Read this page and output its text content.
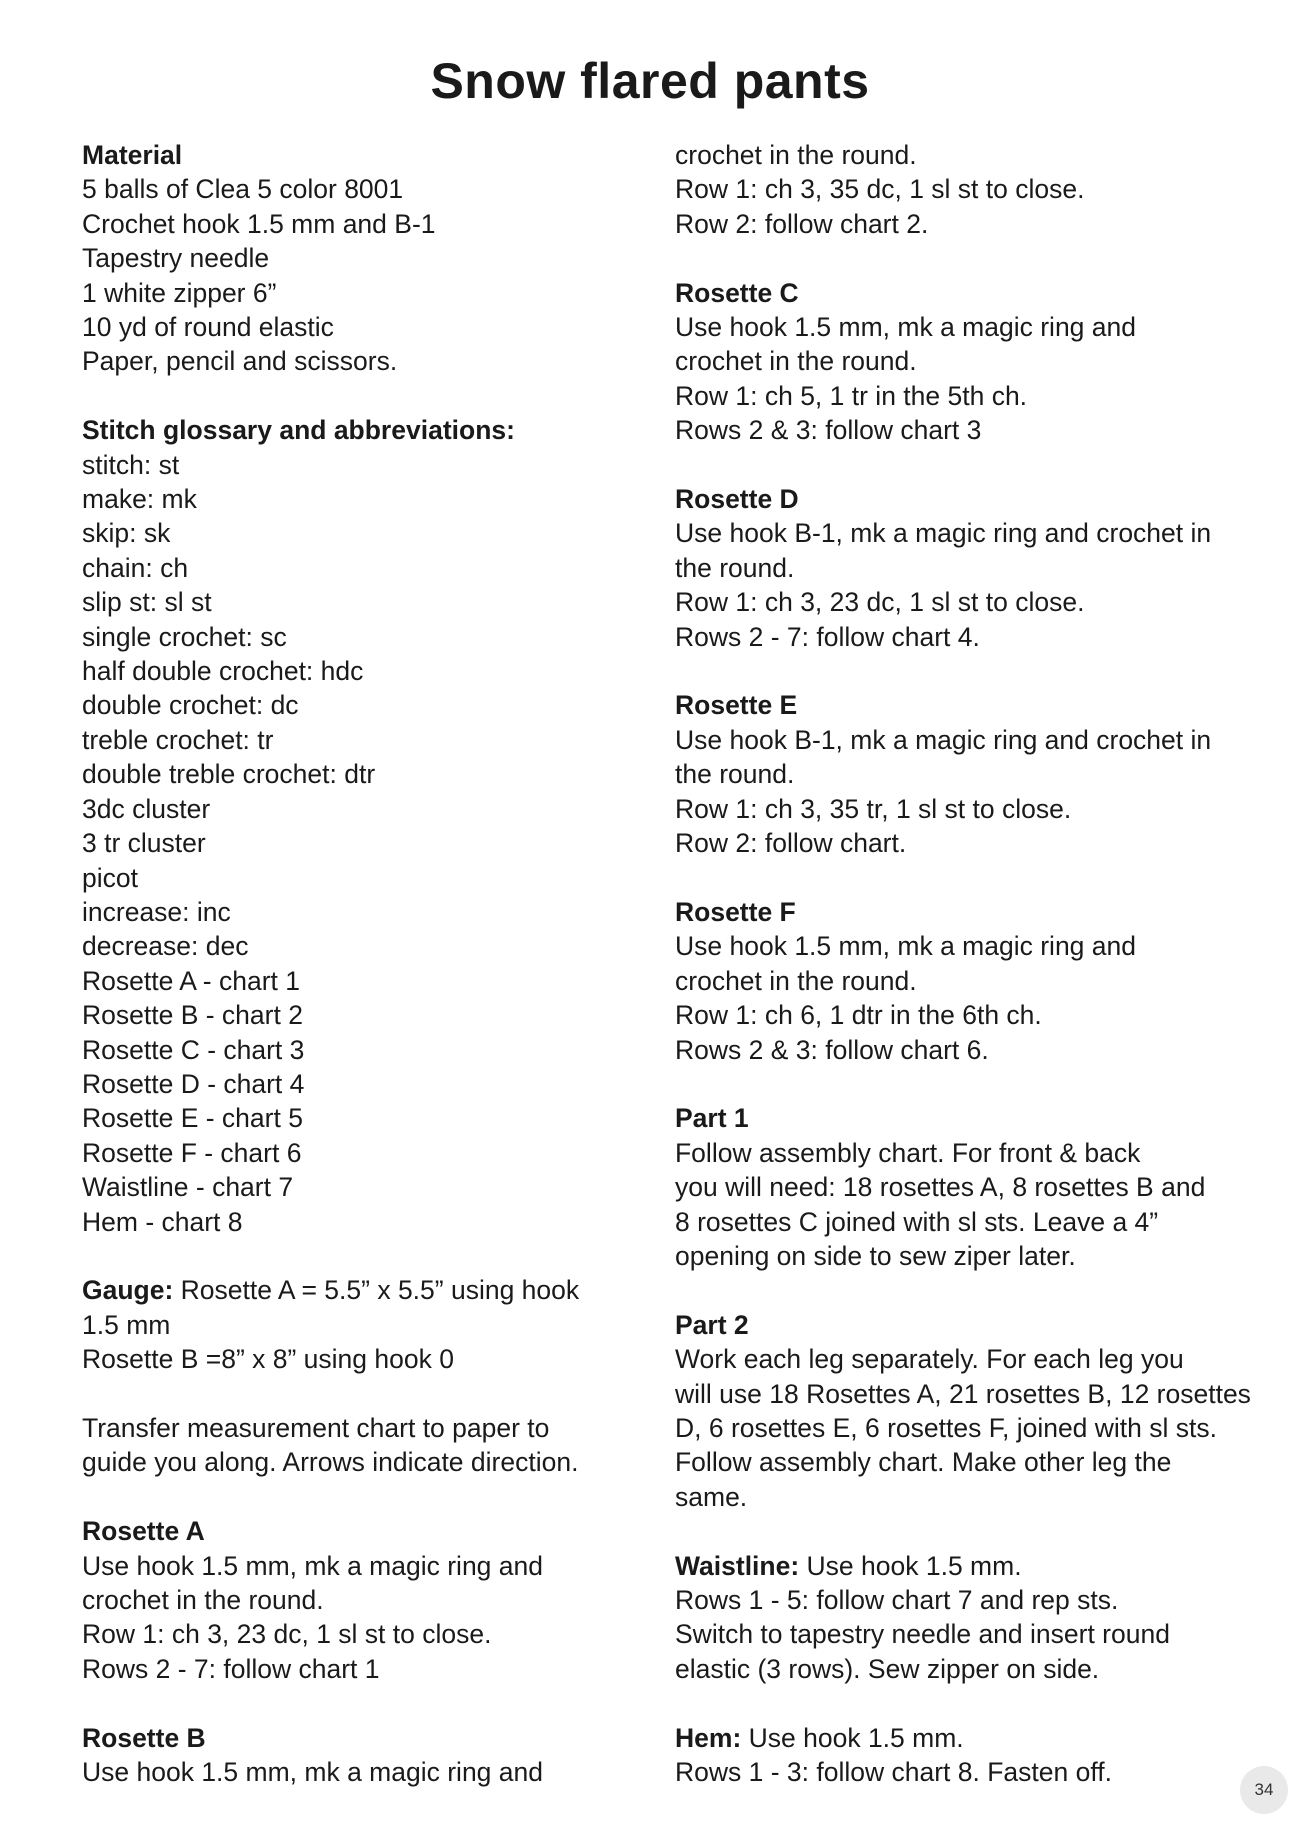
Snow flared pants
Material
5 balls of Clea 5 color 8001
Crochet hook 1.5 mm and B-1
Tapestry needle
1 white zipper 6”
10 yd of round elastic
Paper, pencil and scissors.
Stitch glossary and abbreviations:
stitch: st
make: mk
skip: sk
chain: ch
slip st: sl st
single crochet: sc
half double crochet: hdc
double crochet: dc
treble crochet: tr
double treble crochet: dtr
3dc cluster
3 tr cluster
picot
increase: inc
decrease: dec
Rosette A - chart 1
Rosette B - chart 2
Rosette C - chart 3
Rosette D - chart 4
Rosette E - chart 5
Rosette F - chart 6
Waistline - chart 7
Hem - chart 8
Gauge: Rosette A = 5.5” x 5.5” using hook
1.5 mm
Rosette B =8” x 8” using hook 0
Transfer measurement chart to paper to
guide you along. Arrows indicate direction.
Rosette A
Use hook 1.5 mm, mk a magic ring and
crochet in the round.
Row 1: ch 3, 23 dc, 1 sl st to close.
Rows 2 - 7: follow chart 1
Rosette B
Use hook 1.5 mm, mk a magic ring and
crochet in the round.
Row 1: ch 3, 35 dc, 1 sl st to close.
Row 2: follow chart 2.
Rosette C
Use hook 1.5 mm, mk a magic ring and
crochet in the round.
Row 1: ch 5, 1 tr in the 5th ch.
Rows 2 & 3: follow chart 3
Rosette D
Use hook B-1, mk a magic ring and crochet in
the round.
Row 1: ch 3, 23 dc, 1 sl st to close.
Rows 2 - 7: follow chart 4.
Rosette E
Use hook B-1, mk a magic ring and crochet in
the round.
Row 1: ch 3, 35 tr, 1 sl st to close.
Row 2: follow chart.
Rosette F
Use hook 1.5 mm, mk a magic ring and
crochet in the round.
Row 1: ch 6, 1 dtr in the 6th ch.
Rows 2 & 3: follow chart 6.
Part 1
Follow assembly chart. For front & back
you will need: 18 rosettes A, 8 rosettes B and
8 rosettes C joined with sl sts. Leave a 4”
opening on side to sew ziper later.
Part 2
Work each leg separately. For each leg you
will use 18 Rosettes A, 21 rosettes B, 12 rosettes
D, 6 rosettes E, 6 rosettes F, joined with sl sts.
Follow assembly chart. Make other leg the
same.
Waistline: Use hook 1.5 mm.
Rows 1 - 5: follow chart 7 and rep sts.
Switch to tapestry needle and insert round
elastic (3 rows). Sew zipper on side.
Hem: Use hook 1.5 mm.
Rows 1 - 3: follow chart 8. Fasten off.
34
